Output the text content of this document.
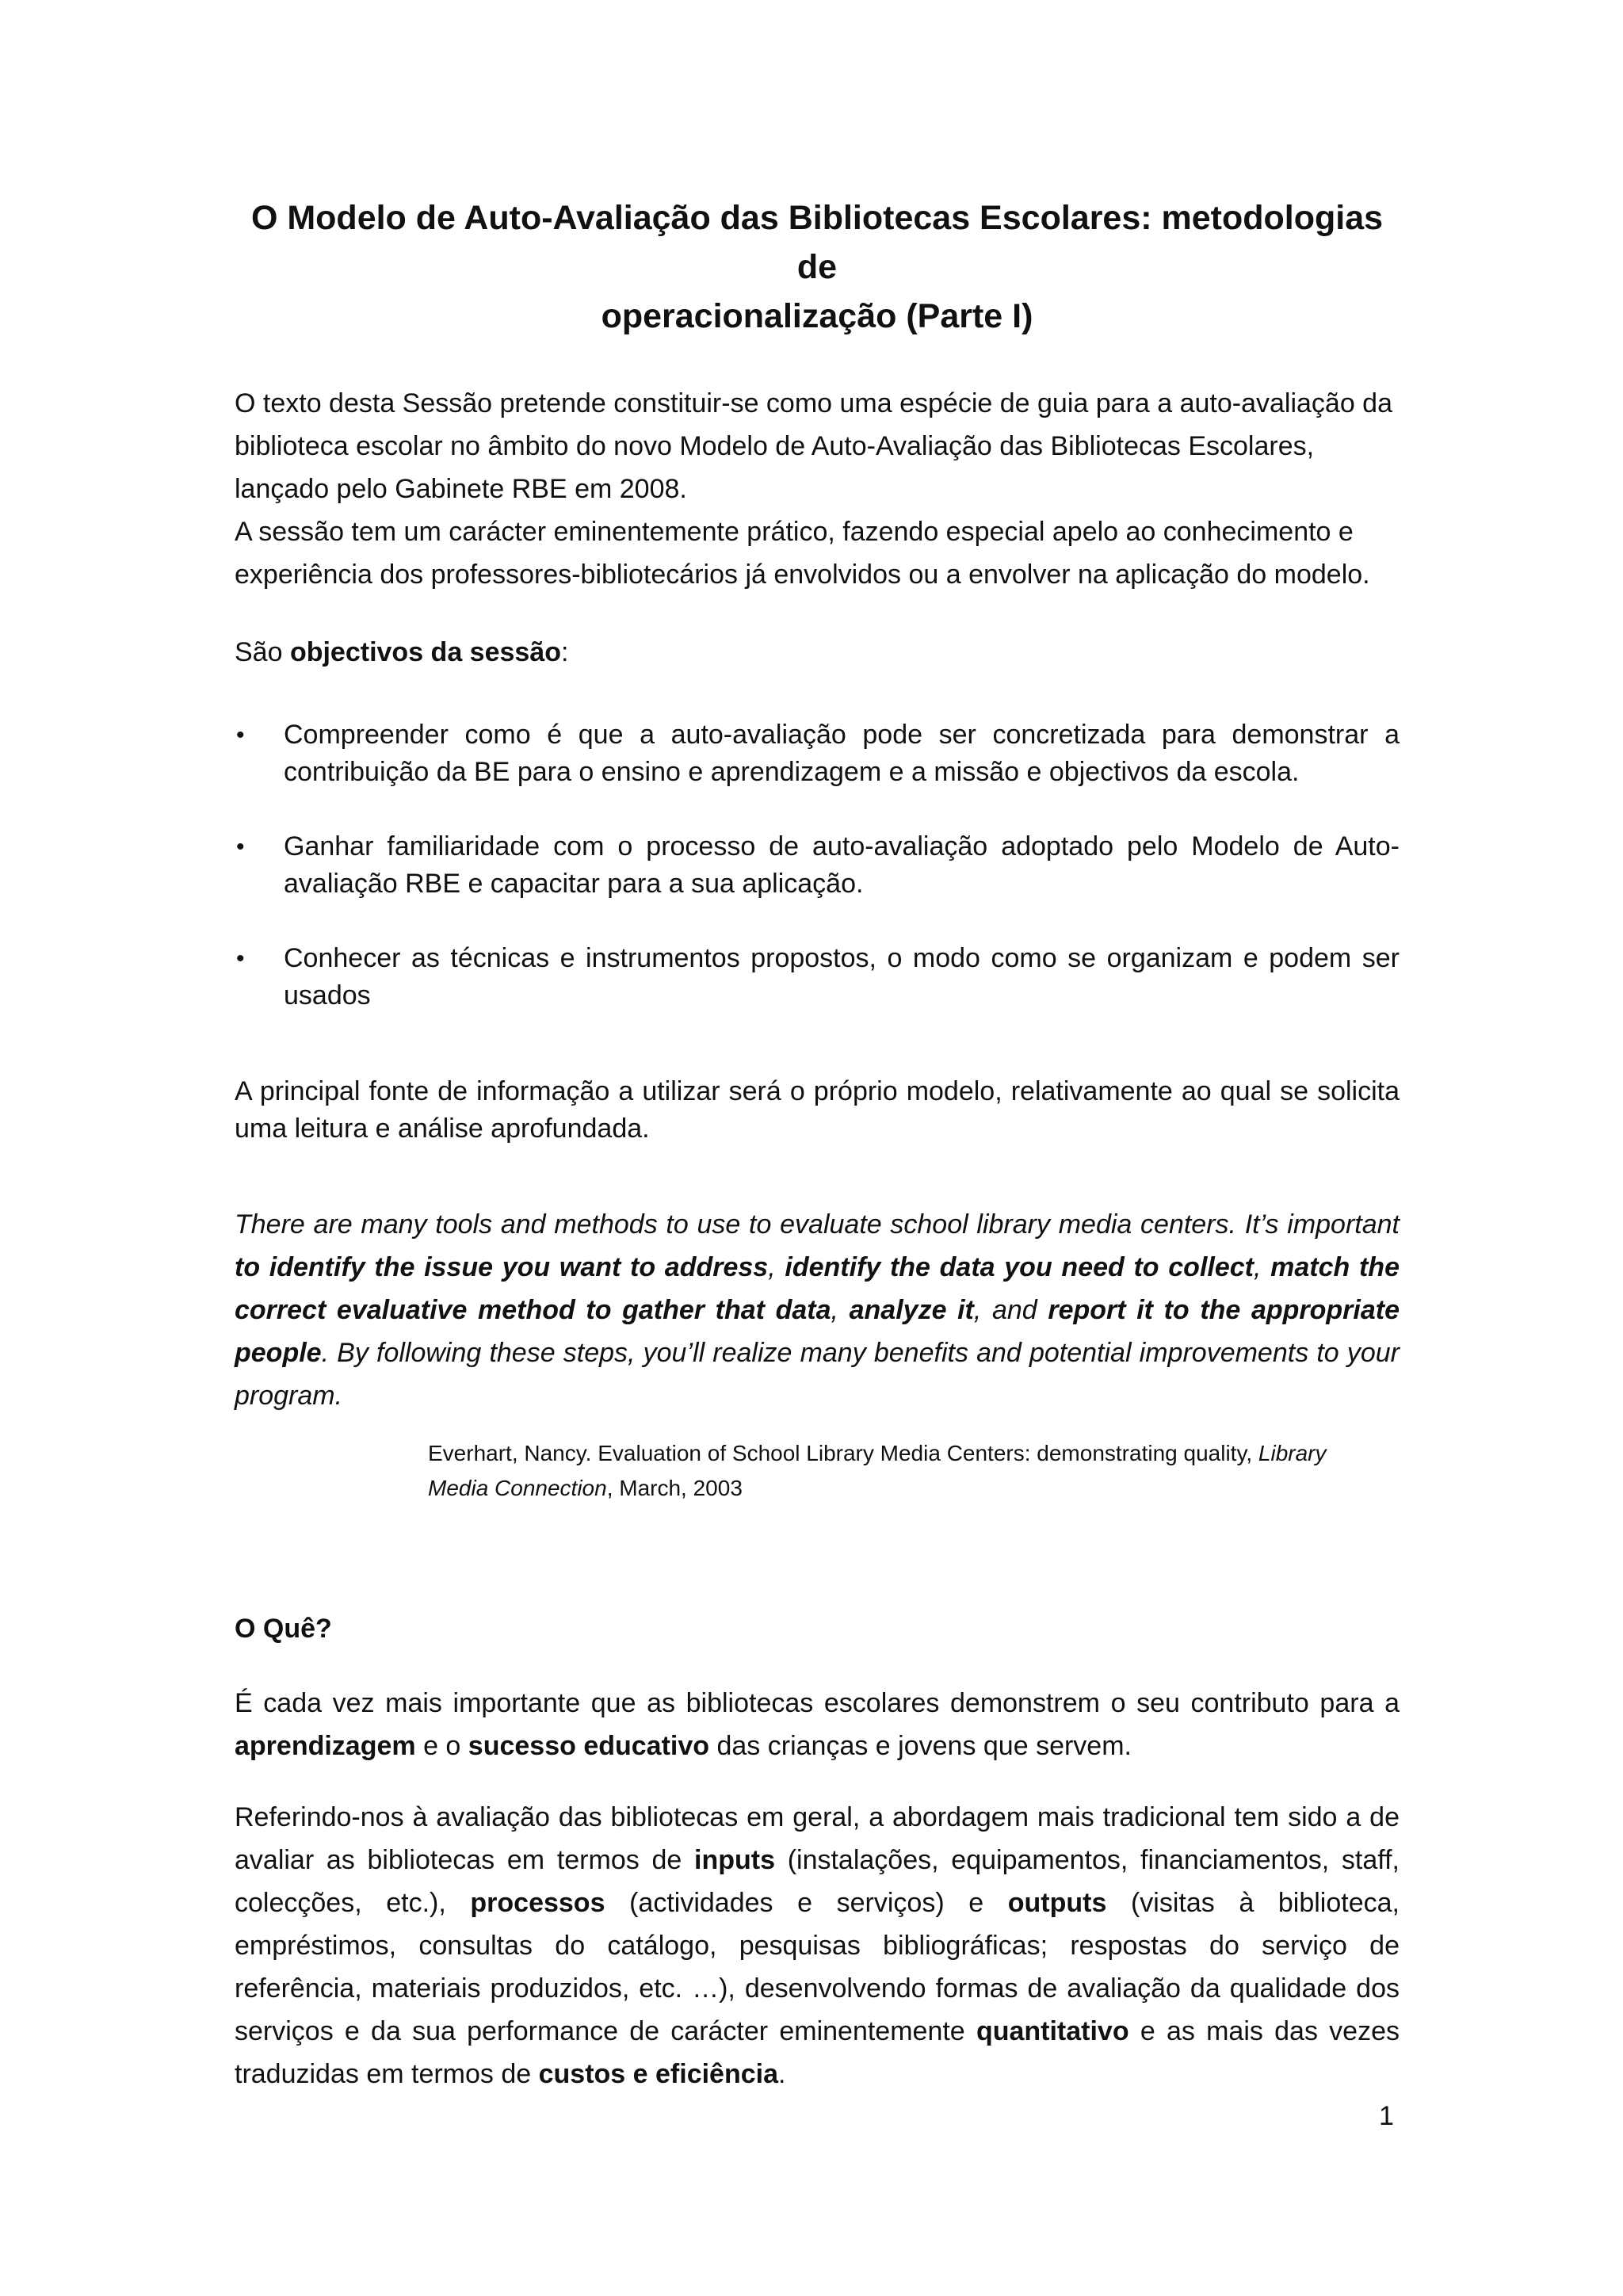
O Modelo de Auto-Avaliação das Bibliotecas Escolares: metodologias de
operacionalização (Parte I)

O texto desta Sessão pretende constituir-se como uma espécie de guia para a auto-avaliação da biblioteca escolar no âmbito do novo Modelo de Auto-Avaliação das Bibliotecas Escolares, lançado pelo Gabinete RBE em 2008.

A sessão tem um carácter eminentemente prático, fazendo especial apelo ao conhecimento e experiência dos professores-bibliotecários já envolvidos ou a envolver na aplicação do modelo.

São objectivos da sessão:

• Compreender como é que a auto-avaliação pode ser concretizada para demonstrar a contribuição da BE para o ensino e aprendizagem e a missão e objectivos da escola.
• Ganhar familiaridade com o processo de auto-avaliação adoptado pelo Modelo de Auto-avaliação RBE e capacitar para a sua aplicação.
• Conhecer as técnicas e instrumentos propostos, o modo como se organizam e podem ser usados

A principal fonte de informação a utilizar será o próprio modelo, relativamente ao qual se solicita uma leitura e análise aprofundada.

There are many tools and methods to use to evaluate school library media centers. It’s important to identify the issue you want to address, identify the data you need to collect, match the correct evaluative method to gather that data, analyze it, and report it to the appropriate people. By following these steps, you’ll realize many benefits and potential improvements to your program.

Everhart, Nancy. Evaluation of School Library Media Centers: demonstrating quality, Library Media Connection, March, 2003

O Quê?

É cada vez mais importante que as bibliotecas escolares demonstrem o seu contributo para a aprendizagem e o sucesso educativo das crianças e jovens que servem.

Referindo-nos à avaliação das bibliotecas em geral, a abordagem mais tradicional tem sido a de avaliar as bibliotecas em termos de inputs (instalações, equipamentos, financiamentos, staff, colecções, etc.), processos (actividades e serviços) e outputs (visitas à biblioteca, empréstimos, consultas do catálogo, pesquisas bibliográficas; respostas do serviço de referência, materiais produzidos, etc. …), desenvolvendo formas de avaliação da qualidade dos serviços e da sua performance de carácter eminentemente quantitativo e as mais das vezes traduzidas em termos de custos e eficiência.

1
